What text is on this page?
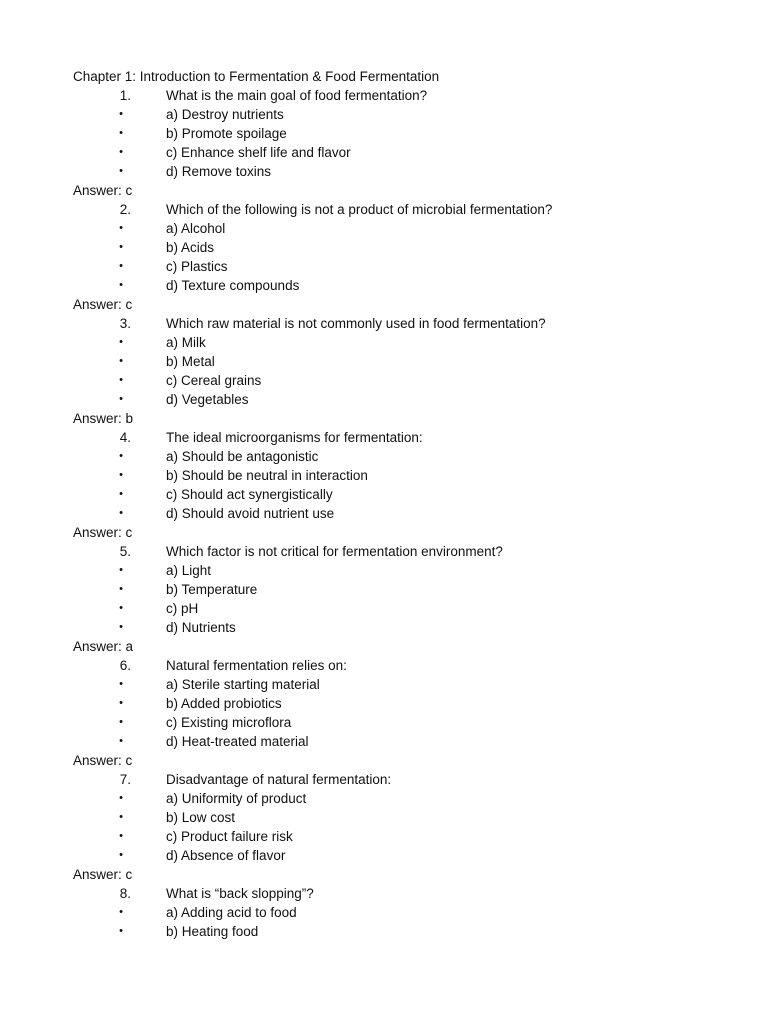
Chapter 1: Introduction to Fermentation & Food Fermentation
1.	What is the main goal of food fermentation?
•	a) Destroy nutrients
•	b) Promote spoilage
•	c) Enhance shelf life and flavor
•	d) Remove toxins
Answer: c
2.	Which of the following is not a product of microbial fermentation?
•	a) Alcohol
•	b) Acids
•	c) Plastics
•	d) Texture compounds
Answer: c
3.	Which raw material is not commonly used in food fermentation?
•	a) Milk
•	b) Metal
•	c) Cereal grains
•	d) Vegetables
Answer: b
4.	The ideal microorganisms for fermentation:
•	a) Should be antagonistic
•	b) Should be neutral in interaction
•	c) Should act synergistically
•	d) Should avoid nutrient use
Answer: c
5.	Which factor is not critical for fermentation environment?
•	a) Light
•	b) Temperature
•	c) pH
•	d) Nutrients
Answer: a
6.	Natural fermentation relies on:
•	a) Sterile starting material
•	b) Added probiotics
•	c) Existing microflora
•	d) Heat-treated material
Answer: c
7.	Disadvantage of natural fermentation:
•	a) Uniformity of product
•	b) Low cost
•	c) Product failure risk
•	d) Absence of flavor
Answer: c
8.	What is “back slopping”?
•	a) Adding acid to food
•	b) Heating food
